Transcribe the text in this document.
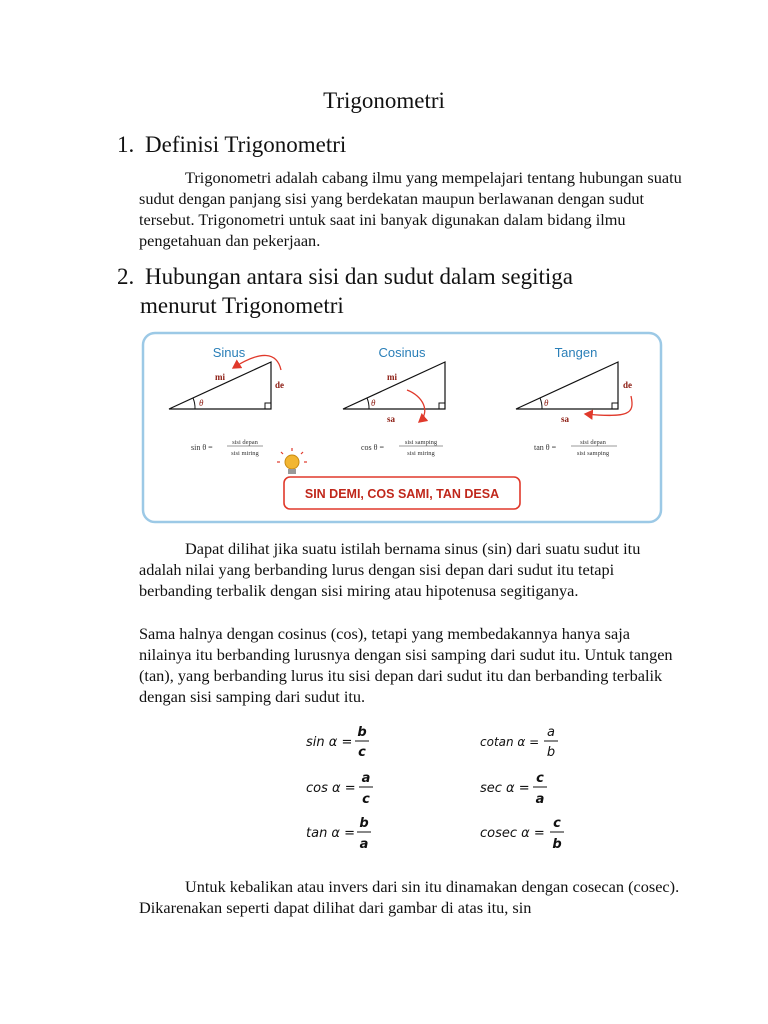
Trigonometri
1. Definisi Trigonometri

Trigonometri adalah cabang ilmu yang mempelajari tentang hubungan suatu sudut dengan panjang sisi yang berdekatan maupun berlawanan dengan sudut tersebut. Trigonometri untuk saat ini banyak digunakan dalam bidang ilmu pengetahuan dan pekerjaan.

2. Hubungan antara sisi dan sudut dalam segitiga
menurut Trigonometri
Sinus
θ
mi
de
sin θ =
sisi depan
sisi miring
Cosinus
θ
mi
sa
cos θ =
sisi samping
sisi miring
Tangen
θ
de
sa
tan θ =
sisi depan
sisi samping
SIN DEMI, COS SAMI, TAN DESA

Dapat dilihat jika suatu istilah bernama sinus (sin) dari suatu sudut itu adalah nilai yang berbanding lurus dengan sisi depan dari sudut itu tetapi berbanding terbalik dengan sisi miring atau hipotenusa segitiganya.

Sama halnya dengan cosinus (cos), tetapi yang membedakannya hanya saja nilainya itu berbanding lurusnya dengan sisi samping dari sudut itu. Untuk tangen (tan), yang berbanding lurus itu sisi depan dari sudut itu dan berbanding terbalik dengan sisi samping dari sudut itu.

sin α =
b
c
cotan α =
a
b
cos α =
a
c
sec α =
c
a
tan α =
b
a
cosec α =
c
b

Untuk kebalikan atau invers dari sin itu dinamakan dengan cosecan (cosec). Dikarenakan seperti dapat dilihat dari gambar di atas itu, sin
